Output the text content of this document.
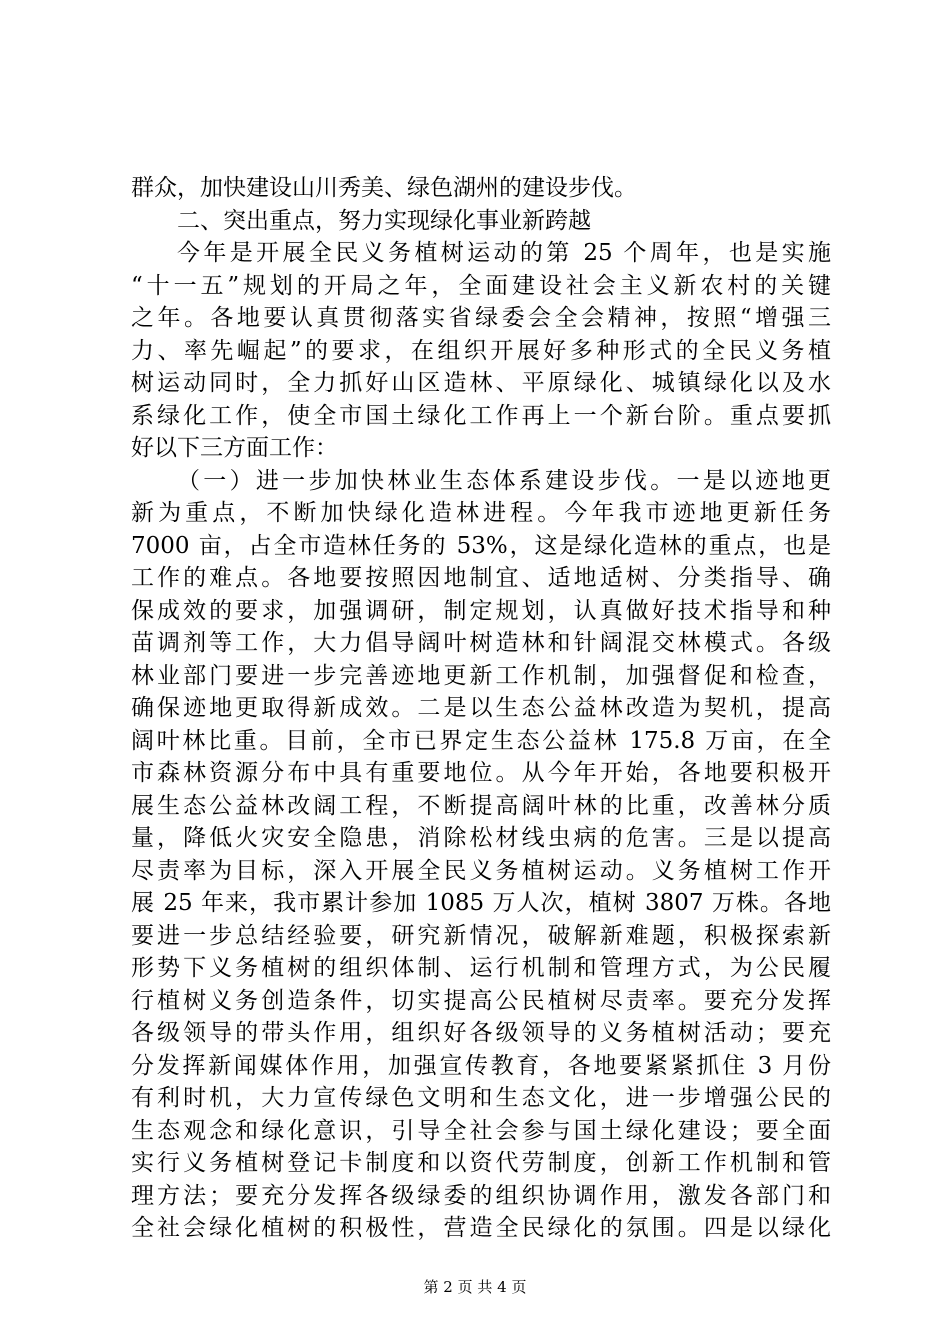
群众，加快建设山川秀美、绿色湖州的建设步伐。
二、突出重点，努力实现绿化事业新跨越
今年是开展全民义务植树运动的第 25 个周年，也是实施
“十一五”规划的开局之年，全面建设社会主义新农村的关键
之年。各地要认真贯彻落实省绿委会全会精神，按照“增强三
力、率先崛起”的要求，在组织开展好多种形式的全民义务植
树运动同时，全力抓好山区造林、平原绿化、城镇绿化以及水
系绿化工作，使全市国土绿化工作再上一个新台阶。重点要抓
好以下三方面工作：
（一）进一步加快林业生态体系建设步伐。一是以迹地更
新为重点，不断加快绿化造林进程。今年我市迹地更新任务
7000 亩，占全市造林任务的 53%，这是绿化造林的重点，也是
工作的难点。各地要按照因地制宜、适地适树、分类指导、确
保成效的要求，加强调研，制定规划，认真做好技术指导和种
苗调剂等工作，大力倡导阔叶树造林和针阔混交林模式。各级
林业部门要进一步完善迹地更新工作机制，加强督促和检查，
确保迹地更取得新成效。二是以生态公益林改造为契机，提高
阔叶林比重。目前，全市已界定生态公益林 175.8 万亩，在全
市森林资源分布中具有重要地位。从今年开始，各地要积极开
展生态公益林改阔工程，不断提高阔叶林的比重，改善林分质
量，降低火灾安全隐患，消除松材线虫病的危害。三是以提高
尽责率为目标，深入开展全民义务植树运动。义务植树工作开
展 25 年来，我市累计参加 1085 万人次，植树 3807 万株。各地
要进一步总结经验要，研究新情况，破解新难题，积极探索新
形势下义务植树的组织体制、运行机制和管理方式，为公民履
行植树义务创造条件，切实提高公民植树尽责率。要充分发挥
各级领导的带头作用，组织好各级领导的义务植树活动；要充
分发挥新闻媒体作用，加强宣传教育，各地要紧紧抓住 3 月份
有利时机，大力宣传绿色文明和生态文化，进一步增强公民的
生态观念和绿化意识，引导全社会参与国土绿化建设；要全面
实行义务植树登记卡制度和以资代劳制度，创新工作机制和管
理方法；要充分发挥各级绿委的组织协调作用，激发各部门和
全社会绿化植树的积极性，营造全民绿化的氛围。四是以绿化
第 2 页 共 4 页
